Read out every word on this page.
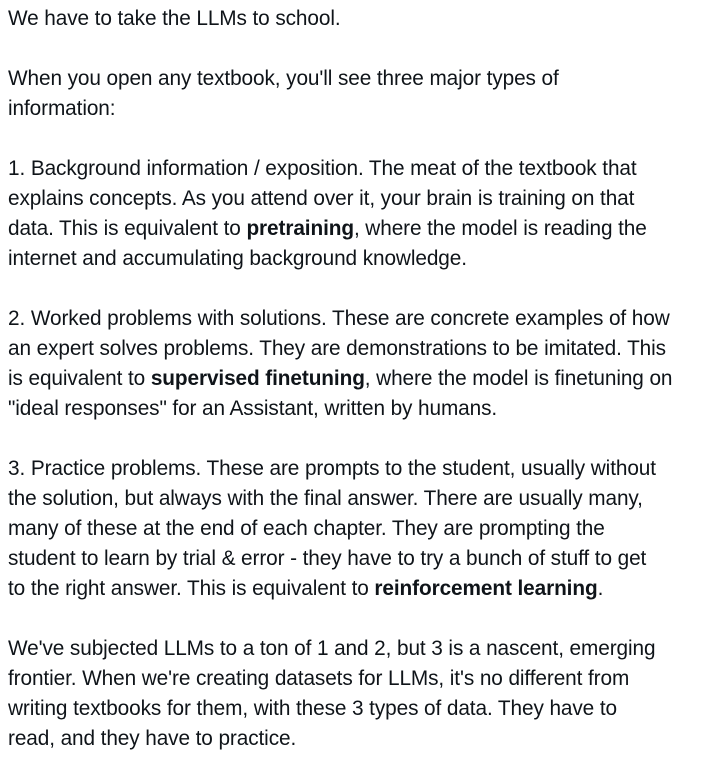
We have to take the LLMs to school.

When you open any textbook, you'll see three major types of
information:

1. Background information / exposition. The meat of the textbook that
explains concepts. As you attend over it, your brain is training on that
data. This is equivalent to pretraining, where the model is reading the
internet and accumulating background knowledge.

2. Worked problems with solutions. These are concrete examples of how
an expert solves problems. They are demonstrations to be imitated. This
is equivalent to supervised finetuning, where the model is finetuning on
"ideal responses" for an Assistant, written by humans.

3. Practice problems. These are prompts to the student, usually without
the solution, but always with the final answer. There are usually many,
many of these at the end of each chapter. They are prompting the
student to learn by trial & error - they have to try a bunch of stuff to get
to the right answer. This is equivalent to reinforcement learning.

We've subjected LLMs to a ton of 1 and 2, but 3 is a nascent, emerging
frontier. When we're creating datasets for LLMs, it's no different from
writing textbooks for them, with these 3 types of data. They have to
read, and they have to practice.
